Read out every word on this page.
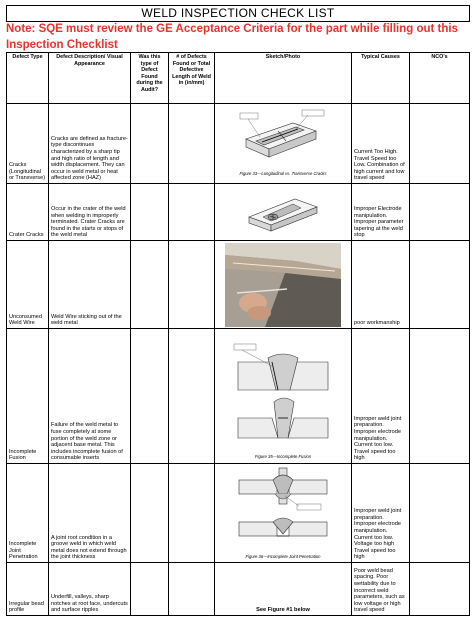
WELD INSPECTION CHECK LIST
Note: SQE must review the GE Acceptance Criteria for the part while filling out this Inspection Checklist
Defect Type	Defect Description/ Visual Appearance	Was this type of Defect Found during the Audit?	# of Defects Found or Total Defective Length of Weld in (in/mm)	Sketch/Photo	Typical Causes	NCO's
Cracks (Longitudinal or Transverse)	Cracks are defined as fracture-type discontinues characterized by a sharp tip and high ratio of length and width displacement. They can occur in weld metal or heat affected zone (HAZ)			Figure 33—Longitudinal vs. Transverse Cracks	Current Too High. Travel Speed too Low. Combination of high current and low travel speed	
Crater Cracks	Occur in the crater of the weld when welding in improperly terminated. Crater Cracks are found in the starts or stops of the weld metal				Improper Electrode manipulation. Improper parameter tapering at the weld stop	
Unconsumed Weld Wire	Weld Wire sticking out of the weld metal				poor workmanship	
Incomplete Fusion	Failure of the weld metal to fuse completely at some portion of the weld zone or adjacent base metal. This includes incomplete fusion of consumable inserts			Figure 35—Incomplete Fusion	Improper weld joint preparation. Improper electrode manipulation. Current too low. Travel speed too high	
Incomplete Joint Penetration	A joint root condition in a groove weld in which weld metal does not extend through the joint thickness			Figure 36—Incomplete Joint Penetration	Improper weld joint preparation. Improper electrode manipulation. Current too low. Voltage too high Travel speed too high	
Irregular bead profile	Underfill, valleys, sharp notches at root face, undercuts and surface ripples			See Figure #1 below	Poor weld bead spacing. Poor wettability due to incorrect weld parameters, such as low voltage or high travel speed	
